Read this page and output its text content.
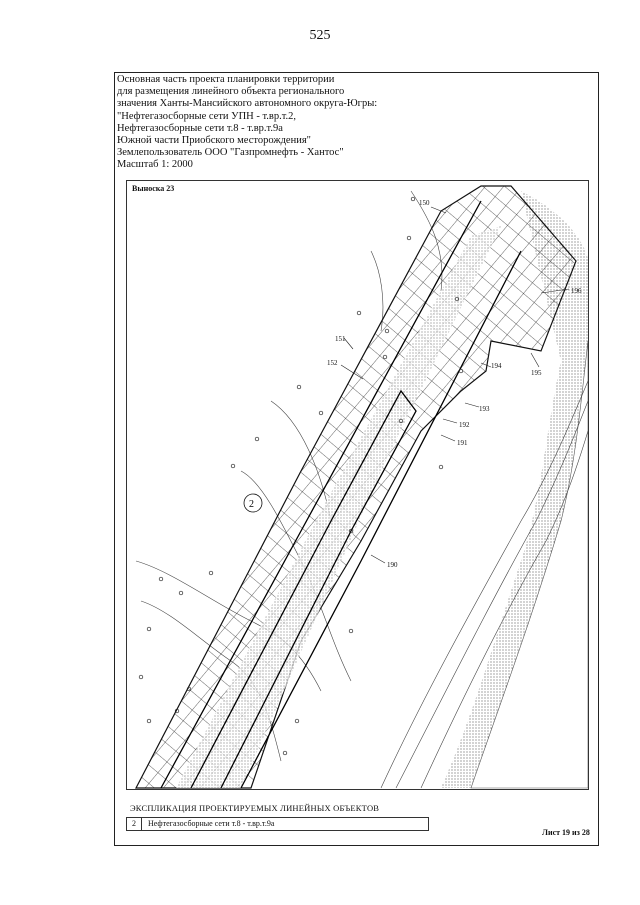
525
Основная часть проекта планировки территории
для размещения линейного объекта регионального
значения Ханты-Мансийского автономного округа-Югры:
"Нефтегазосборные сети УПН - т.вр.т.2,
Нефтегазосборные сети т.8 - т.вр.т.9а
Южной части Приобского месторождения"
Землепользователь ООО "Газпромнефть - Хантос"
Масштаб 1: 2000
150
196
151
152	194
195
193
192
191
190
2
Выноска 23
ЭКСПЛИКАЦИЯ ПРОЕКТИРУЕМЫХ ЛИНЕЙНЫХ ОБЪЕКТОВ
2	Нефтегазосборные сети т.8 - т.вр.т.9а
Лист 19 из 28
